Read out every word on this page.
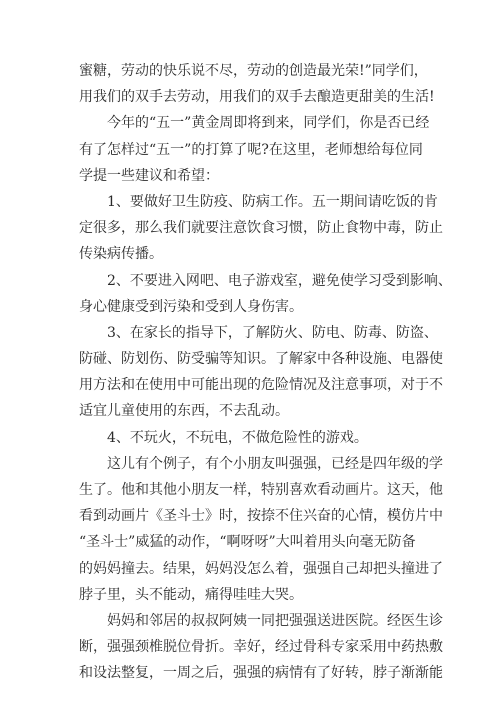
蜜糖，劳动的快乐说不尽，劳动的创造最光荣!”同学们，
用我们的双手去劳动，用我们的双手去酿造更甜美的生活!
　　今年的“五一”黄金周即将到来，同学们，你是否已经
有了怎样过“五一”的打算了呢?在这里，老师想给每位同
学提一些建议和希望：
　　1、要做好卫生防疫、防病工作。五一期间请吃饭的肯
定很多，那么我们就要注意饮食习惯，防止食物中毒，防止
传染病传播。
　　2、不要进入网吧、电子游戏室，避免使学习受到影响、
身心健康受到污染和受到人身伤害。
　　3、在家长的指导下，了解防火、防电、防毒、防盗、
防碰、防划伤、防受骗等知识。了解家中各种设施、电器使
用方法和在使用中可能出现的危险情况及注意事项，对于不
适宜儿童使用的东西，不去乱动。
　　4、不玩火，不玩电，不做危险性的游戏。
　　这儿有个例子，有个小朋友叫强强，已经是四年级的学
生了。他和其他小朋友一样，特别喜欢看动画片。这天，他
看到动画片《圣斗士》时，按捺不住兴奋的心情，模仿片中
“圣斗士”威猛的动作，“啊呀呀”大叫着用头向毫无防备
的妈妈撞去。结果，妈妈没怎么着，强强自己却把头撞进了
脖子里，头不能动，痛得哇哇大哭。
　　妈妈和邻居的叔叔阿姨一同把强强送进医院。经医生诊
断，强强颈椎脱位骨折。幸好，经过骨科专家采用中药热敷
和设法整复，一周之后，强强的病情有了好转，脖子渐渐能
